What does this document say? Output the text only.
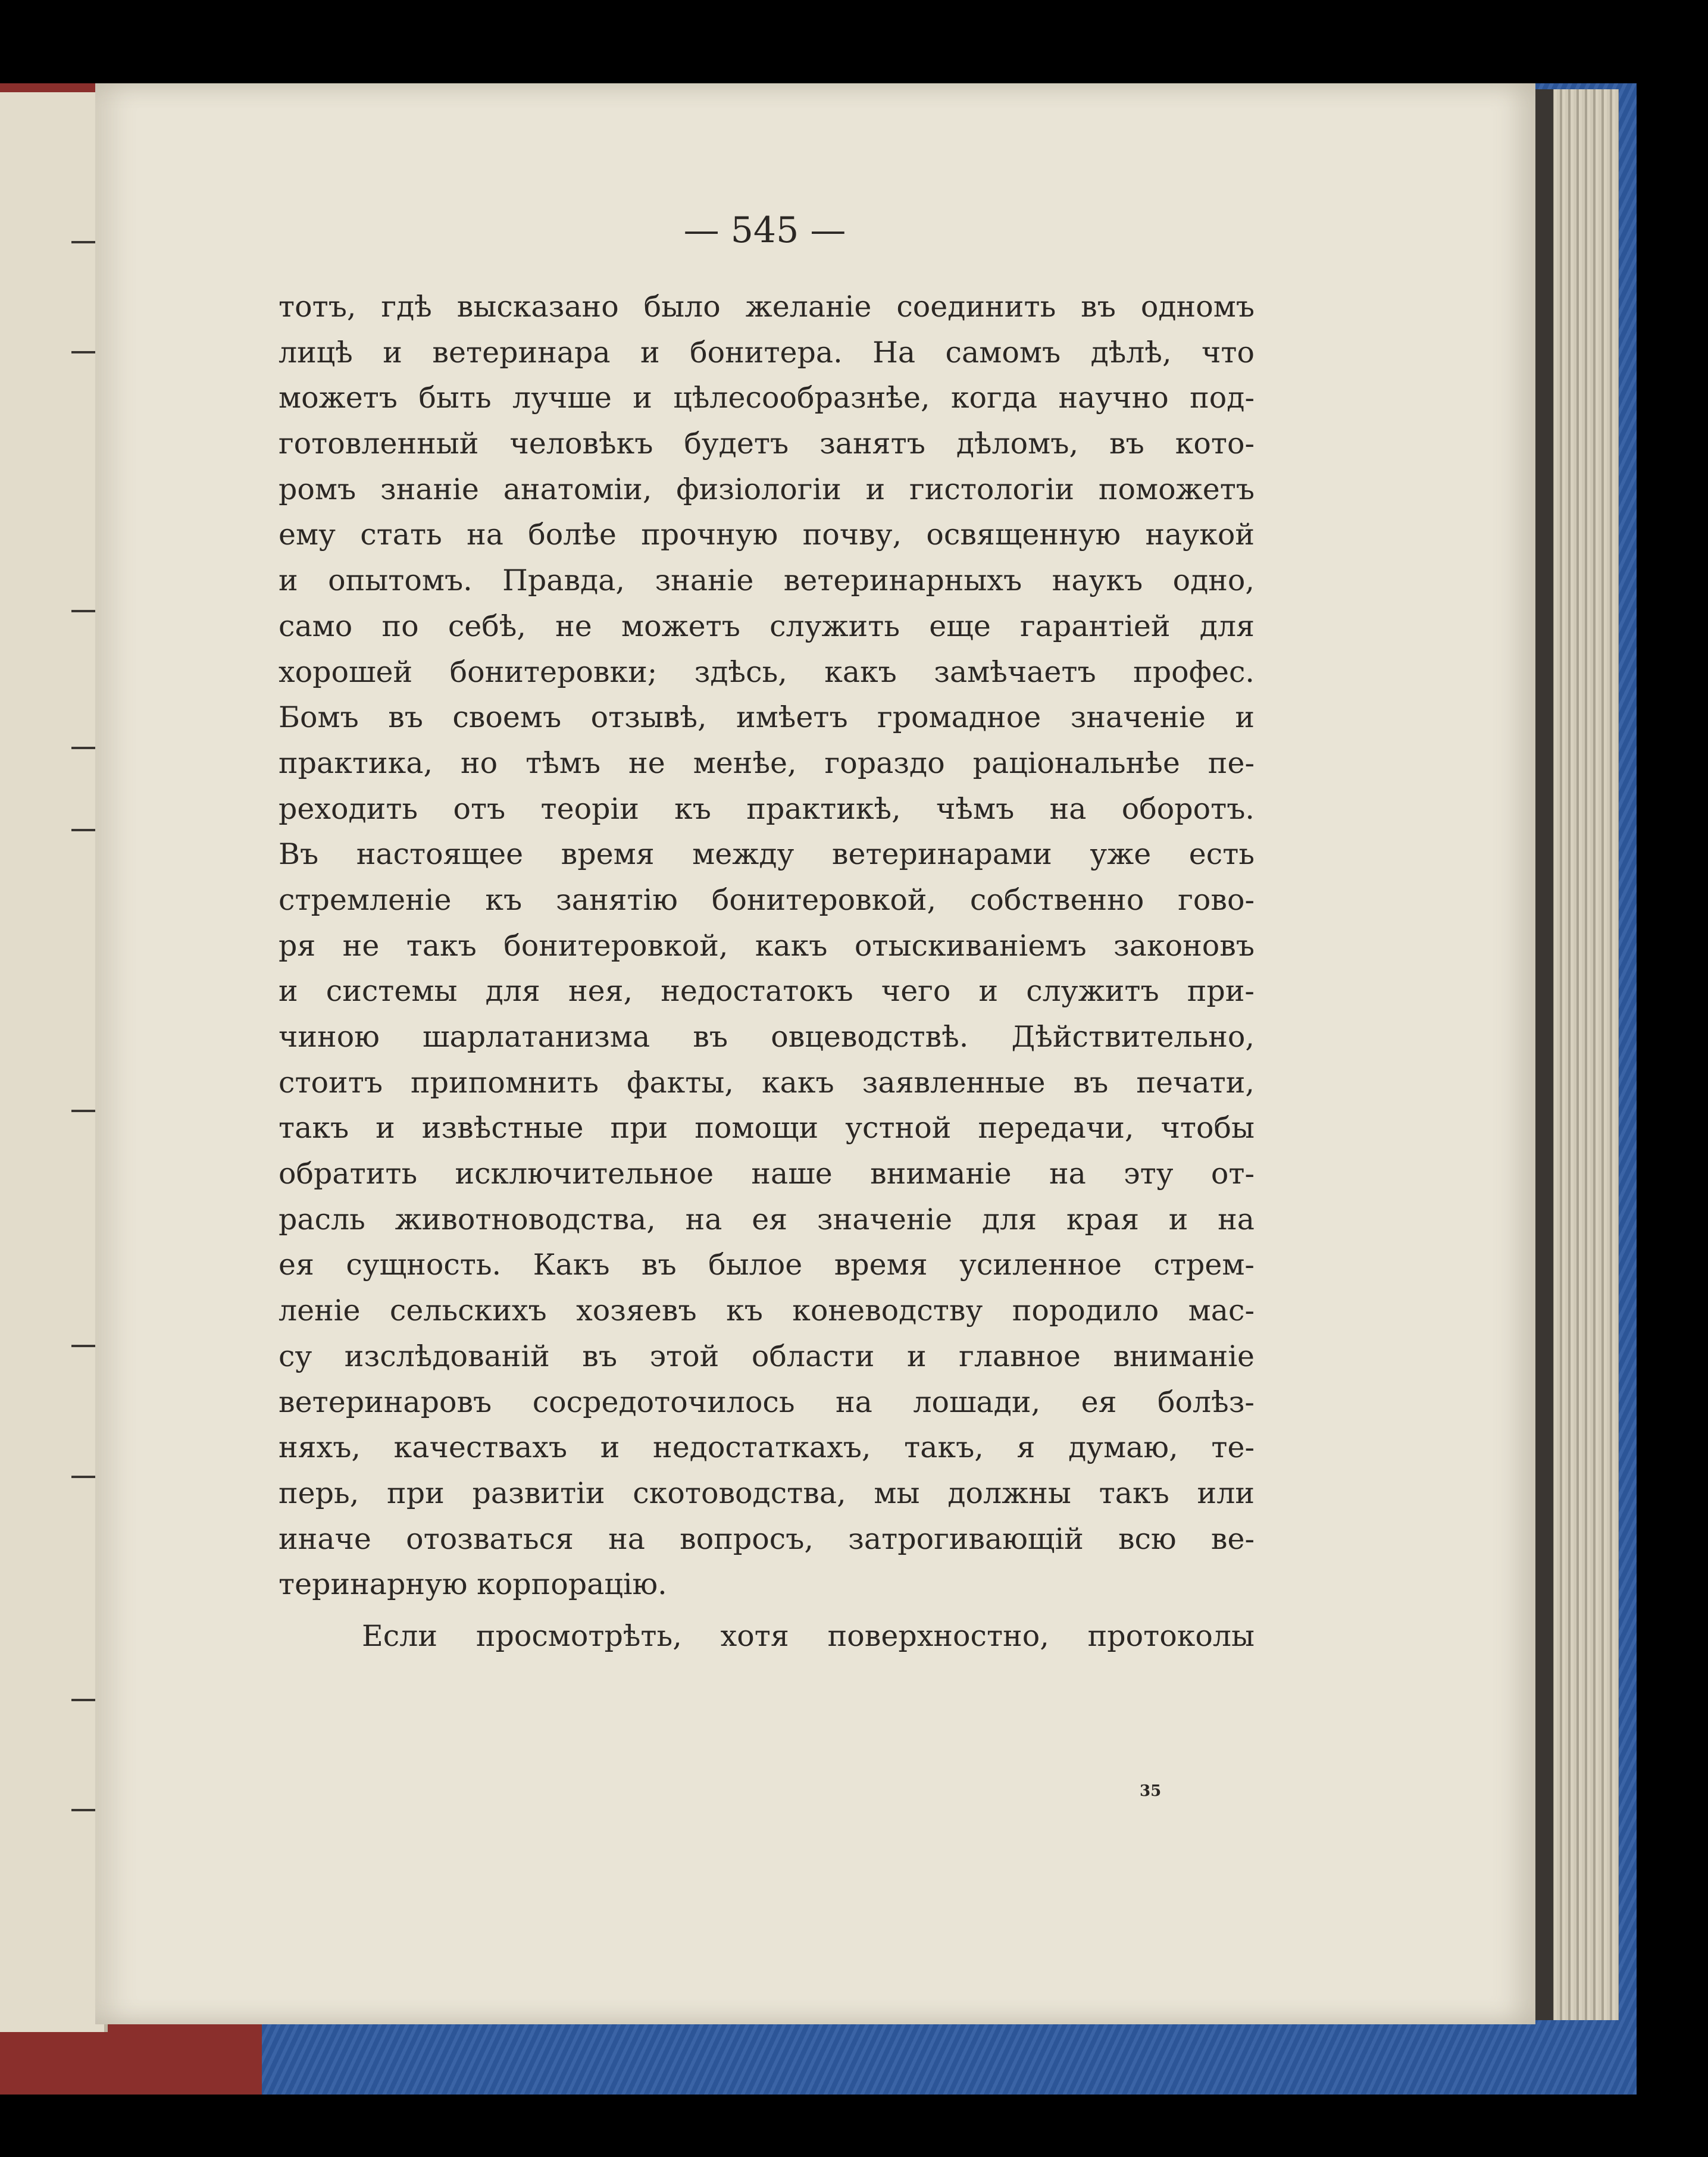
— 545 —

тотъ, гдѣ высказано было желаніе соединить въ одномъ
лицѣ и ветеринара и бонитера. На самомъ дѣлѣ, что
можетъ быть лучше и цѣлесообразнѣе, когда научно под-
готовленный человѣкъ будетъ занятъ дѣломъ, въ кото-
ромъ знаніе анатоміи, физіологіи и гистологіи поможетъ
ему стать на болѣе прочную почву, освященную наукой
и опытомъ. Правда, знаніе ветеринарныхъ наукъ одно,
само по себѣ, не можетъ служить еще гарантіей для
хорошей бонитеровки; здѣсь, какъ замѣчаетъ профес.
Бомъ въ своемъ отзывѣ, имѣетъ громадное значеніе и
практика, но тѣмъ не менѣе, гораздо раціональнѣе пе-
реходить отъ теоріи къ практикѣ, чѣмъ на оборотъ.
Въ настоящее время между ветеринарами уже есть
стремленіе къ занятію бонитеровкой, собственно гово-
ря не такъ бонитеровкой, какъ отыскиваніемъ законовъ
и системы для нея, недостатокъ чего и служитъ при-
чиною шарлатанизма въ овцеводствѣ. Дѣйствительно,
стоитъ припомнить факты, какъ заявленные въ печати,
такъ и извѣстные при помощи устной передачи, чтобы
обратить исключительное наше вниманіе на эту от-
расль животноводства, на ея значеніе для края и на
ея сущность. Какъ въ былое время усиленное стрем-
леніе сельскихъ хозяевъ къ коневодству породило мас-
су изслѣдованій въ этой области и главное вниманіе
ветеринаровъ сосредоточилось на лошади, ея болѣз-
няхъ, качествахъ и недостаткахъ, такъ, я думаю, те-
перь, при развитіи скотоводства, мы должны такъ или
иначе отозваться на вопросъ, затрогивающій всю ве-
теринарную корпорацію.
Если просмотрѣть, хотя поверхностно, протоколы

35
